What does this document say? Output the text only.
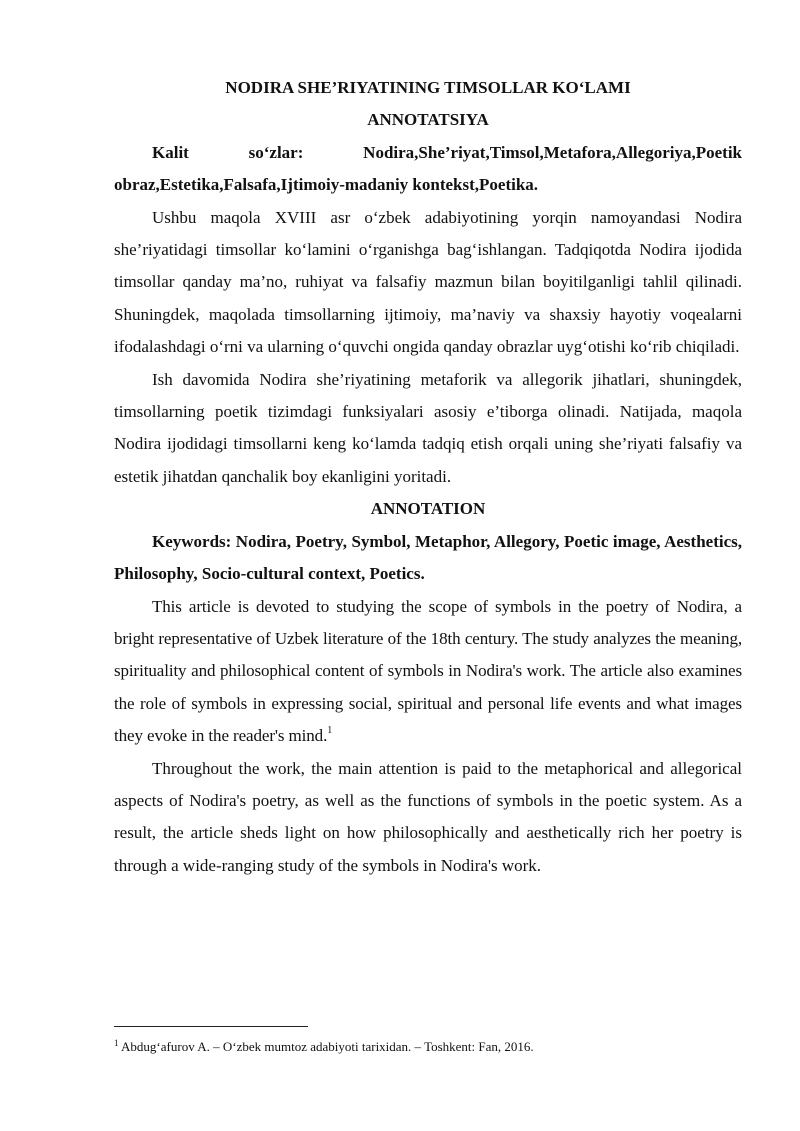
NODIRA SHE’RIYATINING TIMSOLLAR KO‘LAMI

ANNOTATSIYA

Kalit so‘zlar: Nodira,She’riyat,Timsol,Metafora,Allegoriya,Poetik obraz,Estetika,Falsafa,Ijtimoiy-madaniy kontekst,Poetika.

Ushbu maqola XVIII asr o‘zbek adabiyotining yorqin namoyandasi Nodira she’riyatidagi timsollar ko‘lamini o‘rganishga bag‘ishlangan. Tadqiqotda Nodira ijodida timsollar qanday ma’no, ruhiyat va falsafiy mazmun bilan boyitilganligi tahlil qilinadi. Shuningdek, maqolada timsollarning ijtimoiy, ma’naviy va shaxsiy hayotiy voqealarni ifodalashdagi o‘rni va ularning o‘quvchi ongida qanday obrazlar uyg‘otishi ko‘rib chiqiladi.

Ish davomida Nodira she’riyatining metaforik va allegorik jihatlari, shuningdek, timsollarning poetik tizimdagi funksiyalari asosiy e’tiborga olinadi. Natijada, maqola Nodira ijodidagi timsollarni keng ko‘lamda tadqiq etish orqali uning she’riyati falsafiy va estetik jihatdan qanchalik boy ekanligini yoritadi.

ANNOTATION

Keywords: Nodira, Poetry, Symbol, Metaphor, Allegory, Poetic image, Aesthetics, Philosophy, Socio-cultural context, Poetics.

This article is devoted to studying the scope of symbols in the poetry of Nodira, a bright representative of Uzbek literature of the 18th century. The study analyzes the meaning, spirituality and philosophical content of symbols in Nodira's work. The article also examines the role of symbols in expressing social, spiritual and personal life events and what images they evoke in the reader's mind.$^1$

Throughout the work, the main attention is paid to the metaphorical and allegorical aspects of Nodira's poetry, as well as the functions of symbols in the poetic system. As a result, the article sheds light on how philosophically and aesthetically rich her poetry is through a wide-ranging study of the symbols in Nodira's work.

$^1$ Abdug‘afurov A. – O‘zbek mumtoz adabiyoti tarixidan. – Toshkent: Fan, 2016.
